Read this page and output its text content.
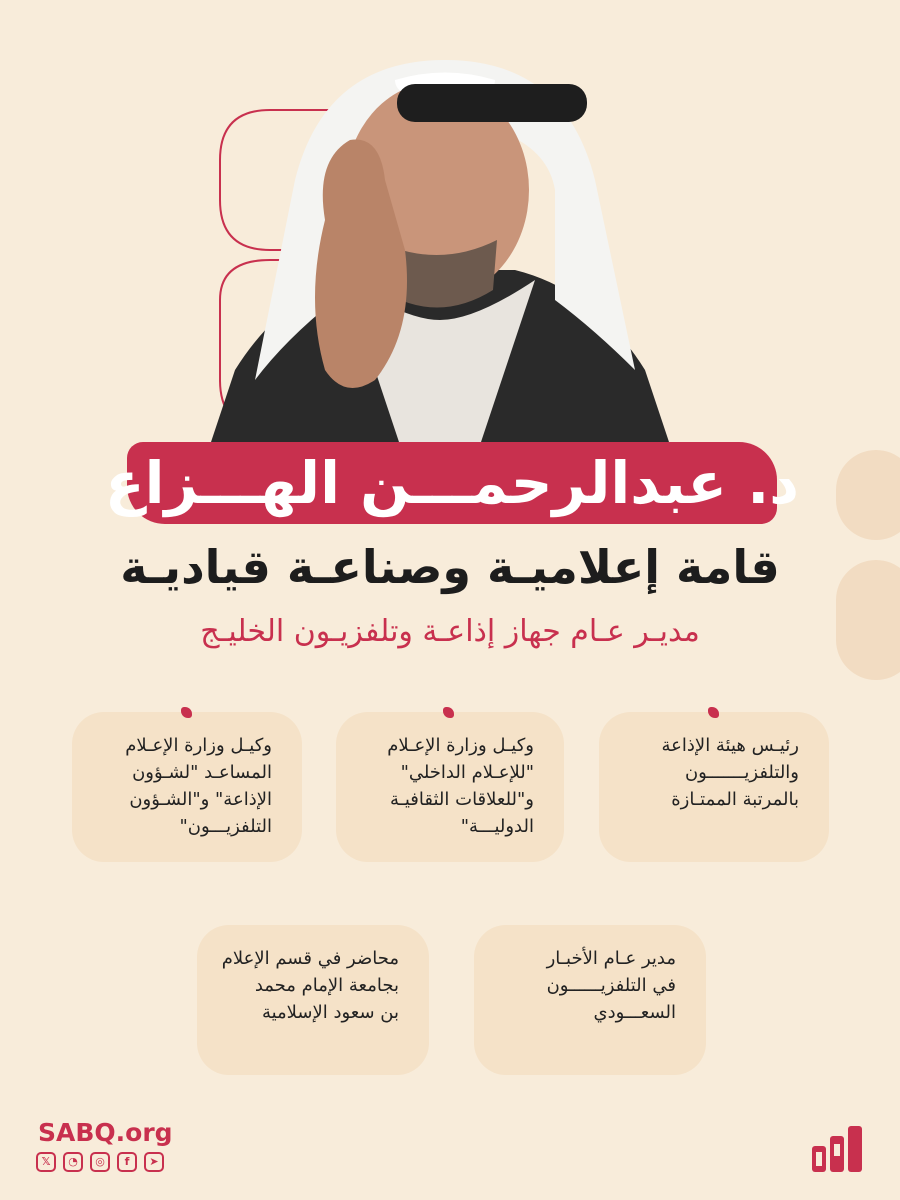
د. عبدالرحمـــن الهـــزاع
قامة إعلاميـة وصناعـة قياديـة
مديـر عـام جهاز إذاعـة وتلفزيـون الخليـج
رئيـس هيئة الإذاعة
والتلفزيـــــــون
بالمرتبة الممتـازة
وكيـل وزارة الإعـلام
"للإعـلام الداخلي"
و"للعلاقات الثقافيـة
الدوليـــة"
وكيـل وزارة الإعـلام
المساعـد "لشـؤون
الإذاعة" و"الشـؤون
التلفزيـــون"
مدير عـام الأخبـار
في التلفزيــــــون
السعـــودي
محاضر في قسم الإعلام
بجامعة الإمام محمد
بن سعود الإسلامية
SABQ.org
𝕏	◔	◎	f	➤
